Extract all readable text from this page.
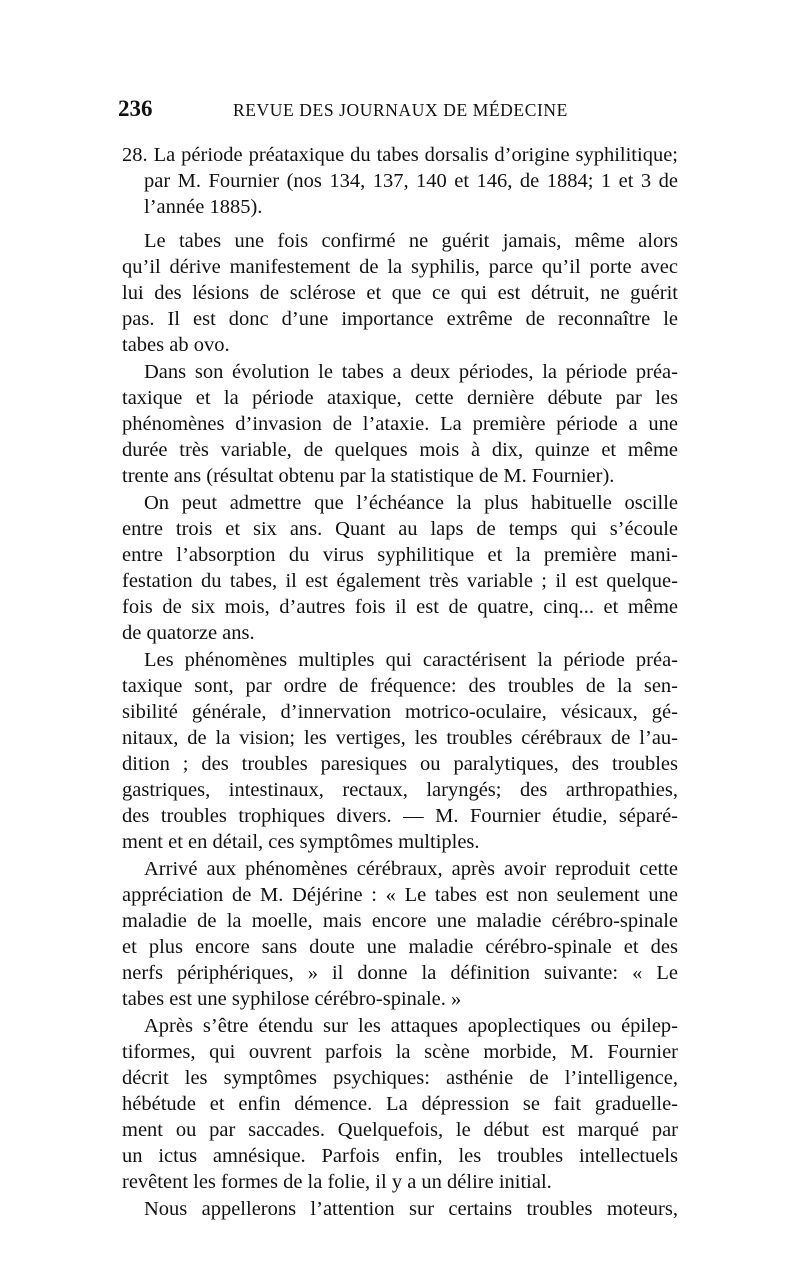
236	REVUE DES JOURNAUX DE MÉDECINE
28. La période préataxique du tabes dorsalis d’origine syphilitique;
par M. Fournier (nos 134, 137, 140 et 146, de 1884; 1 et 3 de
l’année 1885).
Le tabes une fois confirmé ne guérit jamais, même alors
qu’il dérive manifestement de la syphilis, parce qu’il porte avec
lui des lésions de sclérose et que ce qui est détruit, ne guérit
pas. Il est donc d’une importance extrême de reconnaître le
tabes ab ovo.
Dans son évolution le tabes a deux périodes, la période préa-
taxique et la période ataxique, cette dernière débute par les
phénomènes d’invasion de l’ataxie. La première période a une
durée très variable, de quelques mois à dix, quinze et même
trente ans (résultat obtenu par la statistique de M. Fournier).
On peut admettre que l’échéance la plus habituelle oscille
entre trois et six ans. Quant au laps de temps qui s’écoule
entre l’absorption du virus syphilitique et la première mani-
festation du tabes, il est également très variable ; il est quelque-
fois de six mois, d’autres fois il est de quatre, cinq... et même
de quatorze ans.
Les phénomènes multiples qui caractérisent la période préa-
taxique sont, par ordre de fréquence: des troubles de la sen-
sibilité générale, d’innervation motrico-oculaire, vésicaux, gé-
nitaux, de la vision; les vertiges, les troubles cérébraux de l’au-
dition ; des troubles paresiques ou paralytiques, des troubles
gastriques, intestinaux, rectaux, laryngés; des arthropathies,
des troubles trophiques divers. — M. Fournier étudie, séparé-
ment et en détail, ces symptômes multiples.
Arrivé aux phénomènes cérébraux, après avoir reproduit cette
appréciation de M. Déjérine : « Le tabes est non seulement une
maladie de la moelle, mais encore une maladie cérébro-spinale
et plus encore sans doute une maladie cérébro-spinale et des
nerfs périphériques, » il donne la définition suivante: « Le
tabes est une syphilose cérébro-spinale. »
Après s’être étendu sur les attaques apoplectiques ou épilep-
tiformes, qui ouvrent parfois la scène morbide, M. Fournier
décrit les symptômes psychiques: asthénie de l’intelligence,
hébétude et enfin démence. La dépression se fait graduelle-
ment ou par saccades. Quelquefois, le début est marqué par
un ictus amnésique. Parfois enfin, les troubles intellectuels
revêtent les formes de la folie, il y a un délire initial.
Nous appellerons l’attention sur certains troubles moteurs,
